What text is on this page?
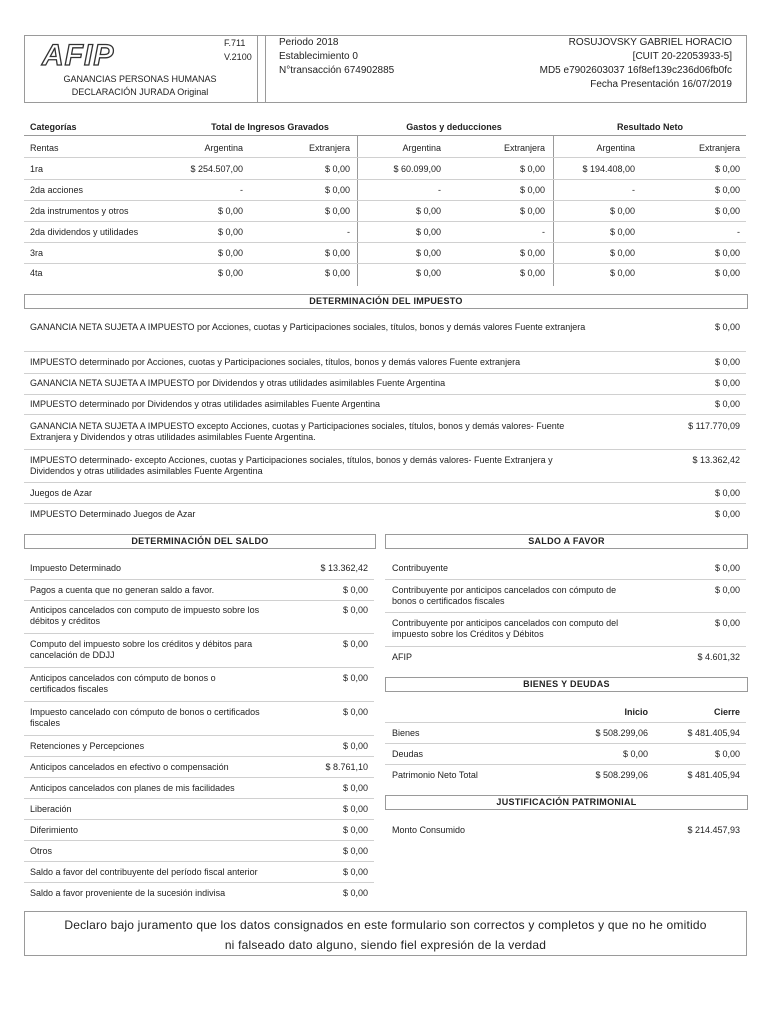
AFIP	F.711
V.2100
GANANCIAS PERSONAS HUMANAS
DECLARACIÓN JURADA Original
Periodo 2018
Establecimiento 0
N°transacción 674902885
ROSUJOVSKY GABRIEL HORACIO
[CUIT 20-22053933-5]
MD5 e7902603037 16f8ef139c236d06fb0fc
Fecha Presentación 16/07/2019
Categorías	Total de Ingresos Gravados	Gastos y deducciones	Resultado Neto
Rentas	Argentina	Extranjera	Argentina	Extranjera	Argentina	Extranjera
1ra	$ 254.507,00	$ 0,00	$ 60.099,00	$ 0,00	$ 194.408,00	$ 0,00
2da acciones	-	$ 0,00	-	$ 0,00	-	$ 0,00
2da instrumentos y otros	$ 0,00	$ 0,00	$ 0,00	$ 0,00	$ 0,00	$ 0,00
2da dividendos y utilidades	$ 0,00	-	$ 0,00	-	$ 0,00	-
3ra	$ 0,00	$ 0,00	$ 0,00	$ 0,00	$ 0,00	$ 0,00
4ta	$ 0,00	$ 0,00	$ 0,00	$ 0,00	$ 0,00	$ 0,00
DETERMINACIÓN DEL IMPUESTO
GANANCIA NETA SUJETA A IMPUESTO por Acciones, cuotas y Participaciones sociales, títulos, bonos y demás valores Fuente extranjera	$ 0,00
IMPUESTO determinado por Acciones, cuotas y Participaciones sociales, títulos, bonos y demás valores Fuente extranjera	$ 0,00
GANANCIA NETA SUJETA A IMPUESTO por Dividendos y otras utilidades asimilables Fuente Argentina	$ 0,00
IMPUESTO determinado por Dividendos y otras utilidades asimilables Fuente Argentina	$ 0,00
GANANCIA NETA SUJETA A IMPUESTO excepto Acciones, cuotas y Participaciones sociales, títulos, bonos y demás valores- Fuente Extranjera y Dividendos y otras utilidades asimilables Fuente Argentina.
$ 117.770,09
IMPUESTO determinado- excepto Acciones, cuotas y Participaciones sociales, títulos, bonos y demás valores- Fuente Extranjera y Dividendos y otras utilidades asimilables Fuente Argentina
$ 13.362,42
Juegos de Azar	$ 0,00
IMPUESTO Determinado Juegos de Azar	$ 0,00
DETERMINACIÓN DEL SALDO
Impuesto Determinado	$ 13.362,42
Pagos a cuenta que no generan saldo a favor.	$ 0,00
Anticipos cancelados con computo de impuesto sobre los débitos y créditos
$ 0,00
Computo del impuesto sobre los créditos y débitos para cancelación de DDJJ
$ 0,00
Anticipos cancelados con cómputo de bonos o certificados fiscales
$ 0,00
Impuesto cancelado con cómputo de bonos o certificados fiscales
$ 0,00
Retenciones y Percepciones	$ 0,00
Anticipos cancelados en efectivo o compensación	$ 8.761,10
Anticipos cancelados con planes de mis facilidades	$ 0,00
Liberación	$ 0,00
Diferimiento	$ 0,00
Otros	$ 0,00
Saldo a favor del contribuyente del período fiscal anterior	$ 0,00
Saldo a favor proveniente de la sucesión indivisa	$ 0,00
SALDO A FAVOR
Contribuyente	$ 0,00
Contribuyente por anticipos cancelados con cómputo de bonos o certificados fiscales
$ 0,00
Contribuyente por anticipos cancelados con computo del impuesto sobre los Créditos y Débitos
$ 0,00
AFIP	$ 4.601,32
BIENES Y DEUDAS
Inicio	Cierre
Bienes	$ 508.299,06	$ 481.405,94
Deudas	$ 0,00	$ 0,00
Patrimonio Neto Total	$ 508.299,06	$ 481.405,94
JUSTIFICACIÓN PATRIMONIAL
Monto Consumido	$ 214.457,93
Declaro bajo juramento que los datos consignados en este formulario son correctos y completos y que no he omitido
ni falseado dato alguno, siendo fiel expresión de la verdad
